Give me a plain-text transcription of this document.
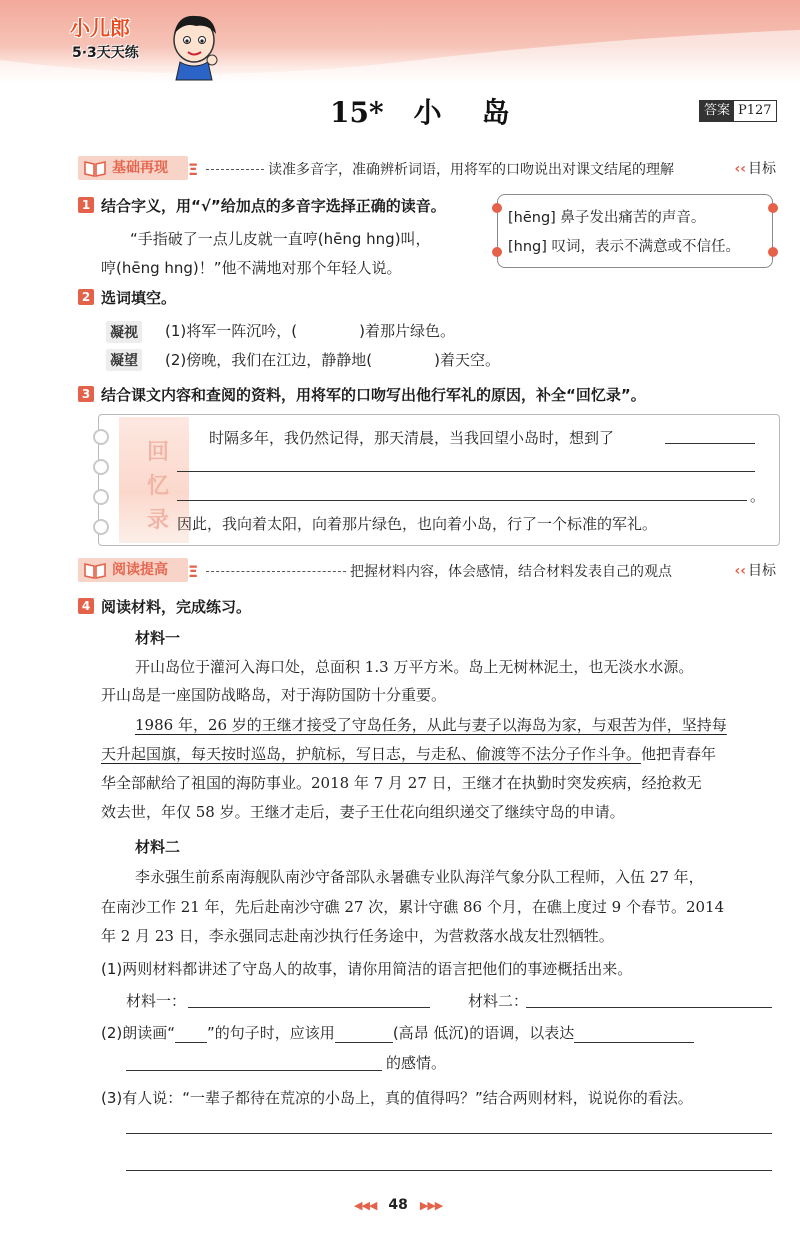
小儿郎
5·3天天练
15* 小岛	答案 P127
基础再现	Ξ	读准多音字，准确辨析词语，用将军的口吻说出对课文结尾的理解	‹‹ 目标
1 结合字义，用“√”给加点的多音字选择正确的读音。
“手指破了一点儿皮就一直哼(hēng hng)叫，
哼(hēng hng)！”他不满地对那个年轻人说。
[hēng] 鼻子发出痛苦的声音。
[hng] 叹词，表示不满意或不信任。
2 选词填空。
凝视
凝望
(1)将军一阵沉吟，(	)着那片绿色。
(2)傍晚，我们在江边，静静地(	)着天空。
3 结合课文内容和查阅的资料，用将军的口吻写出他行军礼的原因，补全“回忆录”。
回
忆
录
时隔多年，我仍然记得，那天清晨，当我回望小岛时，想到了
。
因此，我向着太阳，向着那片绿色，也向着小岛，行了一个标准的军礼。
阅读提高	Ξ	把握材料内容，体会感情，结合材料发表自己的观点	‹‹ 目标
4 阅读材料，完成练习。
材料一
开山岛位于灌河入海口处，总面积 1.3 万平方米。岛上无树林泥土，也无淡水水源。
开山岛是一座国防战略岛，对于海防国防十分重要。
1986 年，26 岁的王继才接受了守岛任务，从此与妻子以海岛为家，与艰苦为伴，坚持每
天升起国旗，每天按时巡岛，护航标，写日志，与走私、偷渡等不法分子作斗争。他把青春年
华全部献给了祖国的海防事业。2018 年 7 月 27 日，王继才在执勤时突发疾病，经抢救无
效去世，年仅 58 岁。王继才走后，妻子王仕花向组织递交了继续守岛的申请。
材料二
李永强生前系南海舰队南沙守备部队永暑礁专业队海洋气象分队工程师，入伍 27 年，
在南沙工作 21 年，先后赴南沙守礁 27 次，累计守礁 86 个月，在礁上度过 9 个春节。2014
年 2 月 23 日，李永强同志赴南沙执行任务途中，为营救落水战友壮烈牺牲。
(1)两则材料都讲述了守岛人的故事，请你用简洁的语言把他们的事迹概括出来。
材料一：	材料二：
(2)朗读画“ ”的句子时，应该用	(高昂 低沉)的语调，以表达
的感情。
(3)有人说：“一辈子都待在荒凉的小岛上，真的值得吗？”结合两则材料，说说你的看法。
◀◀◀ 48 ▶▶▶
